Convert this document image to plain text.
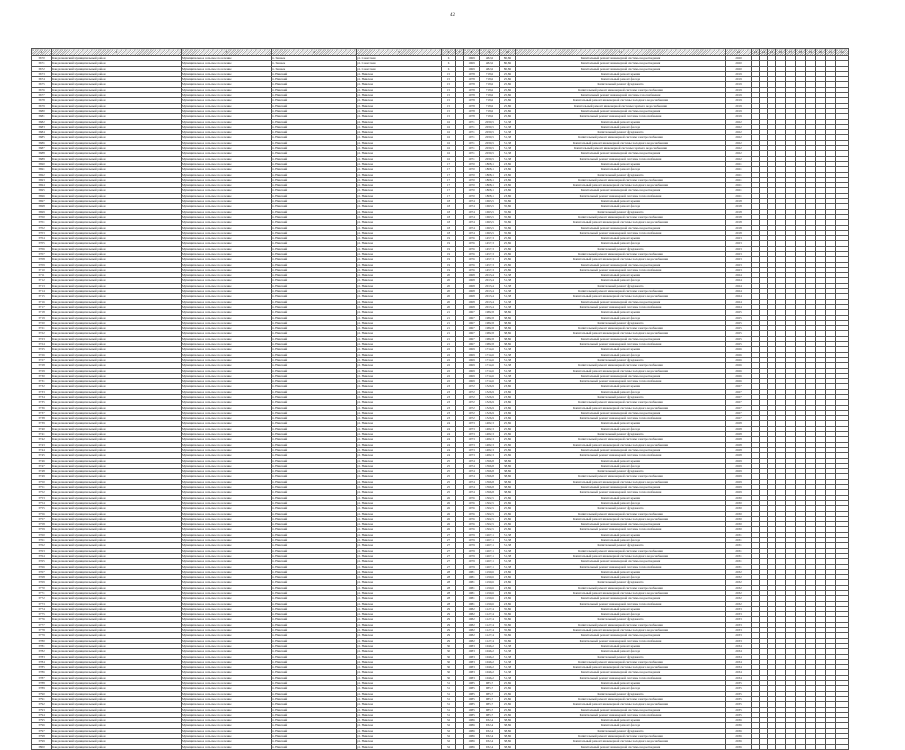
42
1	2	3	4	5	6	7	8	9	10	11	12	13	14	15	16	17	18	19	20	21	22
3670	Кандалакшский муниципальный район	Муниципальное сельское поселение	п. Зашеек	ул. Советская	6		1969	482,6	80,86	Капитальный ремонт инженерной системы водоотведения	2020										
3671	Кандалакшский муниципальный район	Муниципальное сельское поселение	п. Зашеек	ул. Советская	6		1969	482,6	80,86	Капитальный ремонт инженерной системы водоотведения	2020										
3672	Кандалакшский муниципальный район	Муниципальное сельское поселение	п. Зашеек	ул. Советская	6		1969	482,6	80,86	Капитальный ремонт инженерной системы водоотведения	2020										
3673	Кандалакшский муниципальный район	Муниципальное сельское поселение	п. Нивский	ул. Нивская	15		1978	718,6	25,86	Капитальный ремонт крыши	2019										
3674	Кандалакшский муниципальный район	Муниципальное сельское поселение	п. Нивский	ул. Нивская	15		1978	718,6	25,86	Капитальный ремонт фасада	2019										
3675	Кандалакшский муниципальный район	Муниципальное сельское поселение	п. Нивский	ул. Нивская	15		1978	718,6	25,86	Капитальный ремонт фундамента	2019										
3676	Кандалакшский муниципальный район	Муниципальное сельское поселение	п. Нивский	ул. Нивская	15		1978	718,6	25,86	Капитальный ремонт инженерной системы электроснабжения	2019										
3677	Кандалакшский муниципальный район	Муниципальное сельское поселение	п. Нивский	ул. Нивская	15		1978	718,6	25,86	Капитальный ремонт инженерной системы газоснабжения	2019										
3678	Кандалакшский муниципальный район	Муниципальное сельское поселение	п. Нивский	ул. Нивская	15		1978	718,6	25,86	Капитальный ремонт инженерной системы холодного водоснабжения	2019										
3679	Кандалакшский муниципальный район	Муниципальное сельское поселение	п. Нивский	ул. Нивская	15		1978	718,6	25,86	Капитальный ремонт инженерной системы горячего водоснабжения	2019										
3680	Кандалакшский муниципальный район	Муниципальное сельское поселение	п. Нивский	ул. Нивская	15		1978	718,6	25,86	Капитальный ремонт инженерной системы водоотведения	2019										
3681	Кандалакшский муниципальный район	Муниципальное сельское поселение	п. Нивский	ул. Нивская	15		1978	718,6	25,86	Капитальный ремонт инженерной системы теплоснабжения	2019										
3682	Кандалакшский муниципальный район	Муниципальное сельское поселение	п. Нивский	ул. Нивская	16		1971	2030,5	51,38	Капитальный ремонт крыши	2022										
3683	Кандалакшский муниципальный район	Муниципальное сельское поселение	п. Нивский	ул. Нивская	16		1971	2030,5	51,38	Капитальный ремонт фасада	2022										
3684	Кандалакшский муниципальный район	Муниципальное сельское поселение	п. Нивский	ул. Нивская	16		1971	2030,5	51,38	Капитальный ремонт фундамента	2022										
3685	Кандалакшский муниципальный район	Муниципальное сельское поселение	п. Нивский	ул. Нивская	16		1971	2030,5	51,38	Капитальный ремонт инженерной системы электроснабжения	2022										
3686	Кандалакшский муниципальный район	Муниципальное сельское поселение	п. Нивский	ул. Нивская	16		1971	2030,5	51,38	Капитальный ремонт инженерной системы холодного водоснабжения	2022										
3687	Кандалакшский муниципальный район	Муниципальное сельское поселение	п. Нивский	ул. Нивская	16		1971	2030,5	51,38	Капитальный ремонт инженерной системы горячего водоснабжения	2022										
3688	Кандалакшский муниципальный район	Муниципальное сельское поселение	п. Нивский	ул. Нивская	16		1971	2030,5	51,38	Капитальный ремонт инженерной системы водоотведения	2022										
3689	Кандалакшский муниципальный район	Муниципальное сельское поселение	п. Нивский	ул. Нивская	16		1971	2030,5	51,38	Капитальный ремонт инженерной системы теплоснабжения	2022										
3690	Кандалакшский муниципальный район	Муниципальное сельское поселение	п. Нивский	ул. Нивская	17		1970	1808,1	23,86	Капитальный ремонт крыши	2021										
3691	Кандалакшский муниципальный район	Муниципальное сельское поселение	п. Нивский	ул. Нивская	17		1970	1808,1	23,86	Капитальный ремонт фасада	2021										
3692	Кандалакшский муниципальный район	Муниципальное сельское поселение	п. Нивский	ул. Нивская	17		1970	1808,1	23,86	Капитальный ремонт фундамента	2021										
3693	Кандалакшский муниципальный район	Муниципальное сельское поселение	п. Нивский	ул. Нивская	17		1970	1808,1	23,86	Капитальный ремонт инженерной системы электроснабжения	2021										
3694	Кандалакшский муниципальный район	Муниципальное сельское поселение	п. Нивский	ул. Нивская	17		1970	1808,1	23,86	Капитальный ремонт инженерной системы холодного водоснабжения	2021										
3695	Кандалакшский муниципальный район	Муниципальное сельское поселение	п. Нивский	ул. Нивская	17		1970	1808,1	23,86	Капитальный ремонт инженерной системы водоотведения	2021										
3696	Кандалакшский муниципальный район	Муниципальное сельское поселение	п. Нивский	ул. Нивская	17		1970	1808,1	23,86	Капитальный ремонт инженерной системы теплоснабжения	2021										
3697	Кандалакшский муниципальный район	Муниципальное сельское поселение	п. Нивский	ул. Нивская	18		1974	1693,5	35,86	Капитальный ремонт крыши	2018										
3698	Кандалакшский муниципальный район	Муниципальное сельское поселение	п. Нивский	ул. Нивская	18		1974	1693,5	35,86	Капитальный ремонт фасада	2018										
3699	Кандалакшский муниципальный район	Муниципальное сельское поселение	п. Нивский	ул. Нивская	18		1974	1693,5	35,86	Капитальный ремонт фундамента	2018										
3700	Кандалакшский муниципальный район	Муниципальное сельское поселение	п. Нивский	ул. Нивская	18		1974	1693,5	35,86	Капитальный ремонт инженерной системы электроснабжения	2018										
3701	Кандалакшский муниципальный район	Муниципальное сельское поселение	п. Нивский	ул. Нивская	18		1974	1693,5	35,86	Капитальный ремонт инженерной системы холодного водоснабжения	2018										
3702	Кандалакшский муниципальный район	Муниципальное сельское поселение	п. Нивский	ул. Нивская	18		1974	1693,5	35,86	Капитальный ремонт инженерной системы водоотведения	2018										
3703	Кандалакшский муниципальный район	Муниципальное сельское поселение	п. Нивский	ул. Нивская	18		1974	1693,5	35,86	Капитальный ремонт инженерной системы теплоснабжения	2018										
3704	Кандалакшский муниципальный район	Муниципальное сельское поселение	п. Нивский	ул. Нивская	19		1976	1457,3	25,86	Капитальный ремонт крыши	2023										
3705	Кандалакшский муниципальный район	Муниципальное сельское поселение	п. Нивский	ул. Нивская	19		1976	1457,3	25,86	Капитальный ремонт фасада	2023										
3706	Кандалакшский муниципальный район	Муниципальное сельское поселение	п. Нивский	ул. Нивская	19		1976	1457,3	25,86	Капитальный ремонт фундамента	2023										
3707	Кандалакшский муниципальный район	Муниципальное сельское поселение	п. Нивский	ул. Нивская	19		1976	1457,3	25,86	Капитальный ремонт инженерной системы электроснабжения	2023										
3708	Кандалакшский муниципальный район	Муниципальное сельское поселение	п. Нивский	ул. Нивская	19		1976	1457,3	25,86	Капитальный ремонт инженерной системы холодного водоснабжения	2023										
3709	Кандалакшский муниципальный район	Муниципальное сельское поселение	п. Нивский	ул. Нивская	19		1976	1457,3	25,86	Капитальный ремонт инженерной системы водоотведения	2023										
3710	Кандалакшский муниципальный район	Муниципальное сельское поселение	п. Нивский	ул. Нивская	19		1976	1457,3	25,86	Капитальный ремонт инженерной системы теплоснабжения	2023										
3711	Кандалакшский муниципальный район	Муниципальное сельское поселение	п. Нивский	ул. Нивская	20		1968	2013,4	51,38	Капитальный ремонт крыши	2024										
3712	Кандалакшский муниципальный район	Муниципальное сельское поселение	п. Нивский	ул. Нивская	20		1968	2013,4	51,38	Капитальный ремонт фасада	2024										
3713	Кандалакшский муниципальный район	Муниципальное сельское поселение	п. Нивский	ул. Нивская	20		1968	2013,4	51,38	Капитальный ремонт фундамента	2024										
3714	Кандалакшский муниципальный район	Муниципальное сельское поселение	п. Нивский	ул. Нивская	20		1968	2013,4	51,38	Капитальный ремонт инженерной системы электроснабжения	2024										
3715	Кандалакшский муниципальный район	Муниципальное сельское поселение	п. Нивский	ул. Нивская	20		1968	2013,4	51,38	Капитальный ремонт инженерной системы холодного водоснабжения	2024										
3716	Кандалакшский муниципальный район	Муниципальное сельское поселение	п. Нивский	ул. Нивская	20		1968	2013,4	51,38	Капитальный ремонт инженерной системы водоотведения	2024										
3717	Кандалакшский муниципальный район	Муниципальное сельское поселение	п. Нивский	ул. Нивская	20		1968	2013,4	51,38	Капитальный ремонт инженерной системы теплоснабжения	2024										
3718	Кандалакшский муниципальный район	Муниципальное сельское поселение	п. Нивский	ул. Нивская	21		1967	1982,8	38,86	Капитальный ремонт крыши	2025										
3719	Кандалакшский муниципальный район	Муниципальное сельское поселение	п. Нивский	ул. Нивская	21		1967	1982,8	38,86	Капитальный ремонт фасада	2025										
3720	Кандалакшский муниципальный район	Муниципальное сельское поселение	п. Нивский	ул. Нивская	21		1967	1982,8	38,86	Капитальный ремонт фундамента	2025										
3721	Кандалакшский муниципальный район	Муниципальное сельское поселение	п. Нивский	ул. Нивская	21		1967	1982,8	38,86	Капитальный ремонт инженерной системы электроснабжения	2025										
3722	Кандалакшский муниципальный район	Муниципальное сельское поселение	п. Нивский	ул. Нивская	21		1967	1982,8	38,86	Капитальный ремонт инженерной системы холодного водоснабжения	2025										
3723	Кандалакшский муниципальный район	Муниципальное сельское поселение	п. Нивский	ул. Нивская	21		1967	1982,8	38,86	Капитальный ремонт инженерной системы водоотведения	2025										
3724	Кандалакшский муниципальный район	Муниципальное сельское поселение	п. Нивский	ул. Нивская	21		1967	1982,8	38,86	Капитальный ремонт инженерной системы теплоснабжения	2025										
3725	Кандалакшский муниципальный район	Муниципальное сельское поселение	п. Нивский	ул. Нивская	22		1969	1714,6	51,38	Капитальный ремонт крыши	2026										
3726	Кандалакшский муниципальный район	Муниципальное сельское поселение	п. Нивский	ул. Нивская	22		1969	1714,6	51,38	Капитальный ремонт фасада	2026										
3727	Кандалакшский муниципальный район	Муниципальное сельское поселение	п. Нивский	ул. Нивская	22		1969	1714,6	51,38	Капитальный ремонт фундамента	2026										
3728	Кандалакшский муниципальный район	Муниципальное сельское поселение	п. Нивский	ул. Нивская	22		1969	1714,6	51,38	Капитальный ремонт инженерной системы электроснабжения	2026										
3729	Кандалакшский муниципальный район	Муниципальное сельское поселение	п. Нивский	ул. Нивская	22		1969	1714,6	51,38	Капитальный ремонт инженерной системы холодного водоснабжения	2026										
3730	Кандалакшский муниципальный район	Муниципальное сельское поселение	п. Нивский	ул. Нивская	22		1969	1714,6	51,38	Капитальный ремонт инженерной системы водоотведения	2026										
3731	Кандалакшский муниципальный район	Муниципальное сельское поселение	п. Нивский	ул. Нивская	22		1969	1714,6	51,38	Капитальный ремонт инженерной системы теплоснабжения	2026										
3732	Кандалакшский муниципальный район	Муниципальное сельское поселение	п. Нивский	ул. Нивская	23		1972	1526,9	23,86	Капитальный ремонт крыши	2027										
3733	Кандалакшский муниципальный район	Муниципальное сельское поселение	п. Нивский	ул. Нивская	23		1972	1526,9	23,86	Капитальный ремонт фасада	2027										
3734	Кандалакшский муниципальный район	Муниципальное сельское поселение	п. Нивский	ул. Нивская	23		1972	1526,9	23,86	Капитальный ремонт фундамента	2027										
3735	Кандалакшский муниципальный район	Муниципальное сельское поселение	п. Нивский	ул. Нивская	23		1972	1526,9	23,86	Капитальный ремонт инженерной системы электроснабжения	2027										
3736	Кандалакшский муниципальный район	Муниципальное сельское поселение	п. Нивский	ул. Нивская	23		1972	1526,9	23,86	Капитальный ремонт инженерной системы холодного водоснабжения	2027										
3737	Кандалакшский муниципальный район	Муниципальное сельское поселение	п. Нивский	ул. Нивская	23		1972	1526,9	23,86	Капитальный ремонт инженерной системы водоотведения	2027										
3738	Кандалакшский муниципальный район	Муниципальное сельское поселение	п. Нивский	ул. Нивская	23		1972	1526,9	23,86	Капитальный ремонт инженерной системы теплоснабжения	2027										
3739	Кандалакшский муниципальный район	Муниципальное сельское поселение	п. Нивский	ул. Нивская	24		1973	1482,3	25,86	Капитальный ремонт крыши	2028										
3740	Кандалакшский муниципальный район	Муниципальное сельское поселение	п. Нивский	ул. Нивская	24		1973	1482,3	25,86	Капитальный ремонт фасада	2028										
3741	Кандалакшский муниципальный район	Муниципальное сельское поселение	п. Нивский	ул. Нивская	24		1973	1482,3	25,86	Капитальный ремонт фундамента	2028										
3742	Кандалакшский муниципальный район	Муниципальное сельское поселение	п. Нивский	ул. Нивская	24		1973	1482,3	25,86	Капитальный ремонт инженерной системы электроснабжения	2028										
3743	Кандалакшский муниципальный район	Муниципальное сельское поселение	п. Нивский	ул. Нивская	24		1973	1482,3	25,86	Капитальный ремонт инженерной системы холодного водоснабжения	2028										
3744	Кандалакшский муниципальный район	Муниципальное сельское поселение	п. Нивский	ул. Нивская	24		1973	1482,3	25,86	Капитальный ремонт инженерной системы водоотведения	2028										
3745	Кандалакшский муниципальный район	Муниципальное сельское поселение	п. Нивский	ул. Нивская	24		1973	1482,3	25,86	Капитальный ремонт инженерной системы теплоснабжения	2028										
3746	Кандалакшский муниципальный район	Муниципальное сельское поселение	п. Нивский	ул. Нивская	25		1974	1396,8	38,86	Капитальный ремонт крыши	2029										
3747	Кандалакшский муниципальный район	Муниципальное сельское поселение	п. Нивский	ул. Нивская	25		1974	1396,8	38,86	Капитальный ремонт фасада	2029										
3748	Кандалакшский муниципальный район	Муниципальное сельское поселение	п. Нивский	ул. Нивская	25		1974	1396,8	38,86	Капитальный ремонт фундамента	2029										
3749	Кандалакшский муниципальный район	Муниципальное сельское поселение	п. Нивский	ул. Нивская	25		1974	1396,8	38,86	Капитальный ремонт инженерной системы электроснабжения	2029										
3750	Кандалакшский муниципальный район	Муниципальное сельское поселение	п. Нивский	ул. Нивская	25		1974	1396,8	38,86	Капитальный ремонт инженерной системы холодного водоснабжения	2029										
3751	Кандалакшский муниципальный район	Муниципальное сельское поселение	п. Нивский	ул. Нивская	25		1974	1396,8	38,86	Капитальный ремонт инженерной системы водоотведения	2029										
3752	Кандалакшский муниципальный район	Муниципальное сельское поселение	п. Нивский	ул. Нивская	25		1974	1396,8	38,86	Капитальный ремонт инженерной системы теплоснабжения	2029										
3753	Кандалакшский муниципальный район	Муниципальное сельское поселение	п. Нивский	ул. Нивская	26		1976	1302,5	25,86	Капитальный ремонт крыши	2030										
3754	Кандалакшский муниципальный район	Муниципальное сельское поселение	п. Нивский	ул. Нивская	26		1976	1302,5	25,86	Капитальный ремонт фасада	2030										
3755	Кандалакшский муниципальный район	Муниципальное сельское поселение	п. Нивский	ул. Нивская	26		1976	1302,5	25,86	Капитальный ремонт фундамента	2030										
3756	Кандалакшский муниципальный район	Муниципальное сельское поселение	п. Нивский	ул. Нивская	26		1976	1302,5	25,86	Капитальный ремонт инженерной системы электроснабжения	2030										
3757	Кандалакшский муниципальный район	Муниципальное сельское поселение	п. Нивский	ул. Нивская	26		1976	1302,5	25,86	Капитальный ремонт инженерной системы холодного водоснабжения	2030										
3758	Кандалакшский муниципальный район	Муниципальное сельское поселение	п. Нивский	ул. Нивская	26		1976	1302,5	25,86	Капитальный ремонт инженерной системы водоотведения	2030										
3759	Кандалакшский муниципальный район	Муниципальное сельское поселение	п. Нивский	ул. Нивская	26		1976	1302,5	25,86	Капитальный ремонт инженерной системы теплоснабжения	2030										
3760	Кандалакшский муниципальный район	Муниципальное сельское поселение	п. Нивский	ул. Нивская	27		1979	1267,1	51,38	Капитальный ремонт крыши	2031										
3761	Кандалакшский муниципальный район	Муниципальное сельское поселение	п. Нивский	ул. Нивская	27		1979	1267,1	51,38	Капитальный ремонт фасада	2031										
3762	Кандалакшский муниципальный район	Муниципальное сельское поселение	п. Нивский	ул. Нивская	27		1979	1267,1	51,38	Капитальный ремонт фундамента	2031										
3763	Кандалакшский муниципальный район	Муниципальное сельское поселение	п. Нивский	ул. Нивская	27		1979	1267,1	51,38	Капитальный ремонт инженерной системы электроснабжения	2031										
3764	Кандалакшский муниципальный район	Муниципальное сельское поселение	п. Нивский	ул. Нивская	27		1979	1267,1	51,38	Капитальный ремонт инженерной системы холодного водоснабжения	2031										
3765	Кандалакшский муниципальный район	Муниципальное сельское поселение	п. Нивский	ул. Нивская	27		1979	1267,1	51,38	Капитальный ремонт инженерной системы водоотведения	2031										
3766	Кандалакшский муниципальный район	Муниципальное сельское поселение	п. Нивский	ул. Нивская	27		1979	1267,1	51,38	Капитальный ремонт инженерной системы теплоснабжения	2031										
3767	Кандалакшский муниципальный район	Муниципальное сельское поселение	п. Нивский	ул. Нивская	28		1981	1190,6	23,86	Капитальный ремонт крыши	2032										
3768	Кандалакшский муниципальный район	Муниципальное сельское поселение	п. Нивский	ул. Нивская	28		1981	1190,6	23,86	Капитальный ремонт фасада	2032										
3769	Кандалакшский муниципальный район	Муниципальное сельское поселение	п. Нивский	ул. Нивская	28		1981	1190,6	23,86	Капитальный ремонт фундамента	2032										
3770	Кандалакшский муниципальный район	Муниципальное сельское поселение	п. Нивский	ул. Нивская	28		1981	1190,6	23,86	Капитальный ремонт инженерной системы электроснабжения	2032										
3771	Кандалакшский муниципальный район	Муниципальное сельское поселение	п. Нивский	ул. Нивская	28		1981	1190,6	23,86	Капитальный ремонт инженерной системы холодного водоснабжения	2032										
3772	Кандалакшский муниципальный район	Муниципальное сельское поселение	п. Нивский	ул. Нивская	28		1981	1190,6	23,86	Капитальный ремонт инженерной системы водоотведения	2032										
3773	Кандалакшский муниципальный район	Муниципальное сельское поселение	п. Нивский	ул. Нивская	28		1981	1190,6	23,86	Капитальный ремонт инженерной системы теплоснабжения	2032										
3774	Кандалакшский муниципальный район	Муниципальное сельское поселение	п. Нивский	ул. Нивская	29		1982	1127,4	35,86	Капитальный ремонт крыши	2033										
3775	Кандалакшский муниципальный район	Муниципальное сельское поселение	п. Нивский	ул. Нивская	29		1982	1127,4	35,86	Капитальный ремонт фасада	2033										
3776	Кандалакшский муниципальный район	Муниципальное сельское поселение	п. Нивский	ул. Нивская	29		1982	1127,4	35,86	Капитальный ремонт фундамента	2033										
3777	Кандалакшский муниципальный район	Муниципальное сельское поселение	п. Нивский	ул. Нивская	29		1982	1127,4	35,86	Капитальный ремонт инженерной системы электроснабжения	2033										
3778	Кандалакшский муниципальный район	Муниципальное сельское поселение	п. Нивский	ул. Нивская	29		1982	1127,4	35,86	Капитальный ремонт инженерной системы холодного водоснабжения	2033										
3779	Кандалакшский муниципальный район	Муниципальное сельское поселение	п. Нивский	ул. Нивская	29		1982	1127,4	35,86	Капитальный ремонт инженерной системы водоотведения	2033										
3780	Кандалакшский муниципальный район	Муниципальное сельское поселение	п. Нивский	ул. Нивская	29		1982	1127,4	35,86	Капитальный ремонт инженерной системы теплоснабжения	2033										
3781	Кандалакшский муниципальный район	Муниципальное сельское поселение	п. Нивский	ул. Нивская	30		1983	1046,2	51,38	Капитальный ремонт крыши	2034										
3782	Кандалакшский муниципальный район	Муниципальное сельское поселение	п. Нивский	ул. Нивская	30		1983	1046,2	51,38	Капитальный ремонт фасада	2034										
3783	Кандалакшский муниципальный район	Муниципальное сельское поселение	п. Нивский	ул. Нивская	30		1983	1046,2	51,38	Капитальный ремонт фундамента	2034										
3784	Кандалакшский муниципальный район	Муниципальное сельское поселение	п. Нивский	ул. Нивская	30		1983	1046,2	51,38	Капитальный ремонт инженерной системы электроснабжения	2034										
3785	Кандалакшский муниципальный район	Муниципальное сельское поселение	п. Нивский	ул. Нивская	30		1983	1046,2	51,38	Капитальный ремонт инженерной системы холодного водоснабжения	2034										
3786	Кандалакшский муниципальный район	Муниципальное сельское поселение	п. Нивский	ул. Нивская	30		1983	1046,2	51,38	Капитальный ремонт инженерной системы водоотведения	2034										
3787	Кандалакшский муниципальный район	Муниципальное сельское поселение	п. Нивский	ул. Нивская	30		1983	1046,2	51,38	Капитальный ремонт инженерной системы теплоснабжения	2034										
3788	Кандалакшский муниципальный район	Муниципальное сельское поселение	п. Нивский	ул. Нивская	31		1985	985,7	25,86	Капитальный ремонт крыши	2035										
3789	Кандалакшский муниципальный район	Муниципальное сельское поселение	п. Нивский	ул. Нивская	31		1985	985,7	25,86	Капитальный ремонт фасада	2035										
3790	Кандалакшский муниципальный район	Муниципальное сельское поселение	п. Нивский	ул. Нивская	31		1985	985,7	25,86	Капитальный ремонт фундамента	2035										
3791	Кандалакшский муниципальный район	Муниципальное сельское поселение	п. Нивский	ул. Нивская	31		1985	985,7	25,86	Капитальный ремонт инженерной системы электроснабжения	2035										
3792	Кандалакшский муниципальный район	Муниципальное сельское поселение	п. Нивский	ул. Нивская	31		1985	985,7	25,86	Капитальный ремонт инженерной системы холодного водоснабжения	2035										
3793	Кандалакшский муниципальный район	Муниципальное сельское поселение	п. Нивский	ул. Нивская	31		1985	985,7	25,86	Капитальный ремонт инженерной системы водоотведения	2035										
3794	Кандалакшский муниципальный район	Муниципальное сельское поселение	п. Нивский	ул. Нивская	31		1985	985,7	25,86	Капитальный ремонт инженерной системы теплоснабжения	2035										
3795	Кандалакшский муниципальный район	Муниципальное сельское поселение	п. Нивский	ул. Нивская	32		1986	932,4	38,86	Капитальный ремонт крыши	2036										
3796	Кандалакшский муниципальный район	Муниципальное сельское поселение	п. Нивский	ул. Нивская	32		1986	932,4	38,86	Капитальный ремонт фасада	2036										
3797	Кандалакшский муниципальный район	Муниципальное сельское поселение	п. Нивский	ул. Нивская	32		1986	932,4	38,86	Капитальный ремонт фундамента	2036										
3798	Кандалакшский муниципальный район	Муниципальное сельское поселение	п. Нивский	ул. Нивская	32		1986	932,4	38,86	Капитальный ремонт инженерной системы электроснабжения	2036										
3799	Кандалакшский муниципальный район	Муниципальное сельское поселение	п. Нивский	ул. Нивская	32		1986	932,4	38,86	Капитальный ремонт инженерной системы холодного водоснабжения	2036										
3800	Кандалакшский муниципальный район	Муниципальное сельское поселение	п. Нивский	ул. Нивская	32		1986	932,4	38,86	Капитальный ремонт инженерной системы водоотведения	2036										
